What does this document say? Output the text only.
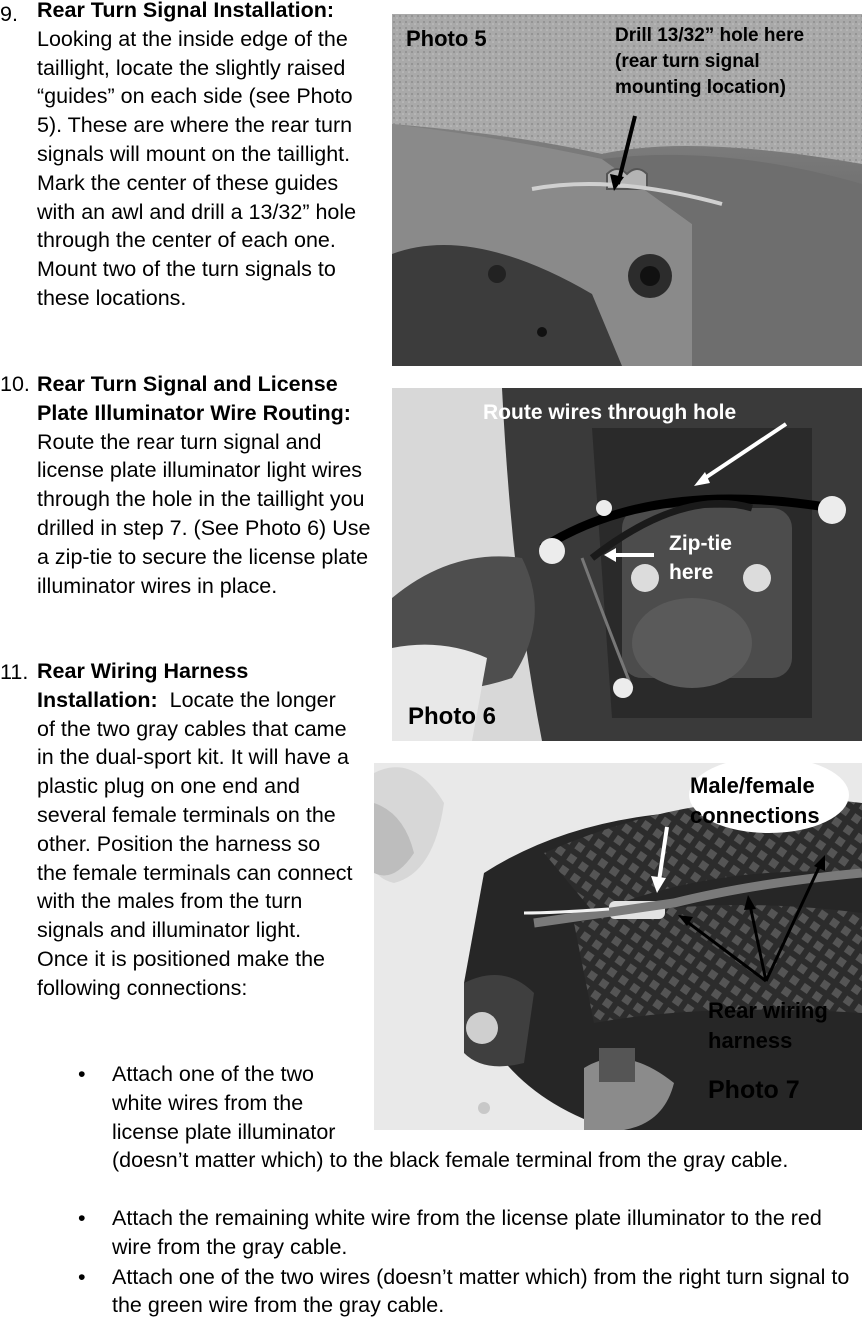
9. Rear Turn Signal Installation:  Looking at the inside edge of the taillight, locate the slightly raised “guides” on each side (see Photo 5). These are where the rear turn signals will mount on the taillight. Mark the center of these guides with an awl and drill a 13/32” hole through the center of each one. Mount two of the turn signals to these locations.

10. Rear Turn Signal and License Plate Illuminator Wire Routing: Route the rear turn signal and license plate illuminator light wires through the hole in the taillight you drilled in step 7. (See Photo 6) Use a zip-tie to secure the license plate illuminator wires in place.

11. Rear Wiring Harness Installation: Locate the longer of the two gray cables that came in the dual-sport kit. It will have a plastic plug on one end and several female terminals on the other. Position the harness so the female terminals can connect with the males from the turn signals and illuminator light. Once it is positioned make the following connections:

Photo 5	Drill 13/32” hole here
(rear turn signal
mounting location)
Route wires through hole
Zip-tie
here
Photo 6
Male/female
connections
Rear wiring
harness
Photo 7
• Attach one of the two white wires from the license plate illuminator (doesn’t matter which) to the black female terminal from the gray cable.

• Attach the remaining white wire from the license plate illuminator to the red wire from the gray cable.

• Attach one of the two wires (doesn’t matter which) from the right turn signal to the green wire from the gray cable.
